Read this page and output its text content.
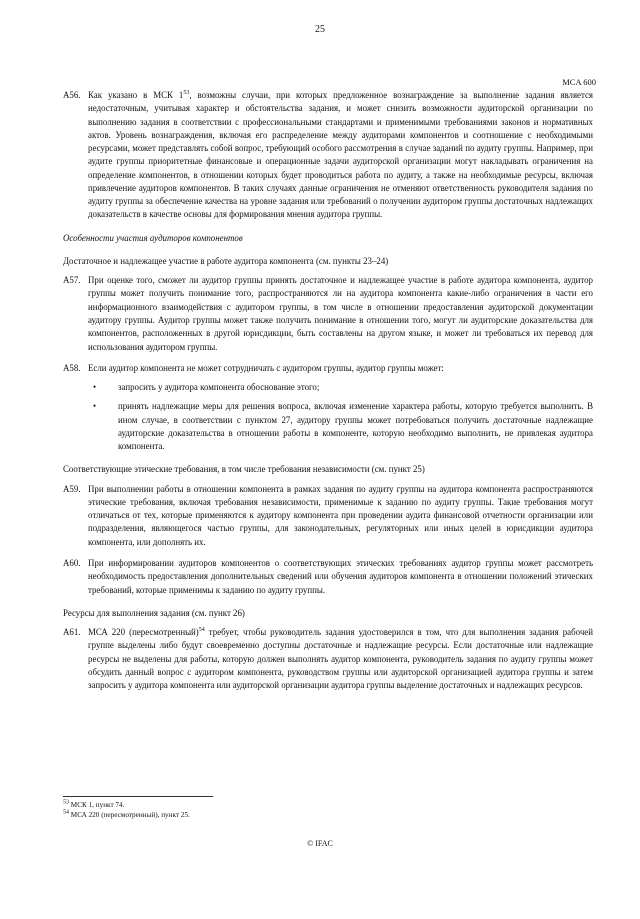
25
MCA 600
A56. Как указано в МСК $1^{53}$, возможны случаи, при которых предложенное вознаграждение за выполнение задания является недостаточным, учитывая характер и обстоятельства задания, и может снизить возможности аудиторской организации по выполнению задания в соответствии с профессиональными стандартами и применимыми требованиями законов и нормативных актов. Уровень вознаграждения, включая его распределение между аудиторами компонентов и соотношение с необходимыми ресурсами, может представлять собой вопрос, требующий особого рассмотрения в случае заданий по аудиту группы. Например, при аудите группы приоритетные финансовые и операционные задачи аудиторской организации могут накладывать ограничения на определение компонентов, в отношении которых будет проводиться работа по аудиту, а также на необходимые ресурсы, включая привлечение аудиторов компонентов. В таких случаях данные ограничения не отменяют ответственность руководителя задания по аудиту группы за обеспечение качества на уровне задания или требований о получении аудитором группы достаточных надлежащих доказательств в качестве основы для формирования мнения аудитора группы.
Особенности участия аудиторов компонентов
Достаточное и надлежащее участие в работе аудитора компонента (см. пункты 23–24)
A57. При оценке того, сможет ли аудитор группы принять достаточное и надлежащее участие в работе аудитора компонента, аудитор группы может получить понимание того, распространяются ли на аудитора компонента какие-либо ограничения в части его информационного взаимодействия с аудитором группы, в том числе в отношении предоставления аудиторской документации аудитору группы. Аудитор группы может также получить понимание в отношении того, могут ли аудиторские доказательства для компонентов, расположенных в другой юрисдикции, быть составлены на другом языке, и может ли требоваться их перевод для использования аудитором группы.
A58. Если аудитор компонента не может сотрудничать с аудитором группы, аудитор группы может:
• запросить у аудитора компонента обоснование этого;
• принять надлежащие меры для решения вопроса, включая изменение характера работы, которую требуется выполнить. В ином случае, в соответствии с пунктом 27, аудитору группы может потребоваться получить достаточные надлежащие аудиторские доказательства в отношении работы в компоненте, которую необходимо выполнить, не привлекая аудитора компонента.
Соответствующие этические требования, в том числе требования независимости (см. пункт 25)
A59. При выполнении работы в отношении компонента в рамках задания по аудиту группы на аудитора компонента распространяются этические требования, включая требования независимости, применимые к заданию по аудиту группы. Такие требования могут отличаться от тех, которые применяются к аудитору компонента при проведении аудита финансовой отчетности организации или подразделения, являющегося частью группы, для законодательных, регуляторных или иных целей в юрисдикции аудитора компонента, или дополнять их.
A60. При информировании аудиторов компонентов о соответствующих этических требованиях аудитор группы может рассмотреть необходимость предоставления дополнительных сведений или обучения аудиторов компонента в отношении положений этических требований, которые применимы к заданию по аудиту группы.
Ресурсы для выполнения задания (см. пункт 26)
A61. МСА 220 (пересмотренный)$^{54}$ требует, чтобы руководитель задания удостоверился в том, что для выполнения задания рабочей группе выделены либо будут своевременно доступны достаточные и надлежащие ресурсы. Если достаточные или надлежащие ресурсы не выделены для работы, которую должен выполнять аудитор компонента, руководитель задания по аудиту группы может обсудить данный вопрос с аудитором компонента, руководством группы или аудиторской организацией аудитора группы и затем запросить у аудитора компонента или аудиторской организации аудитора группы выделение достаточных и надлежащих ресурсов.
$^{53}$ МСК 1, пункт 74.
$^{54}$ МСА 220 (пересмотренный), пункт 25.
© IFAC
